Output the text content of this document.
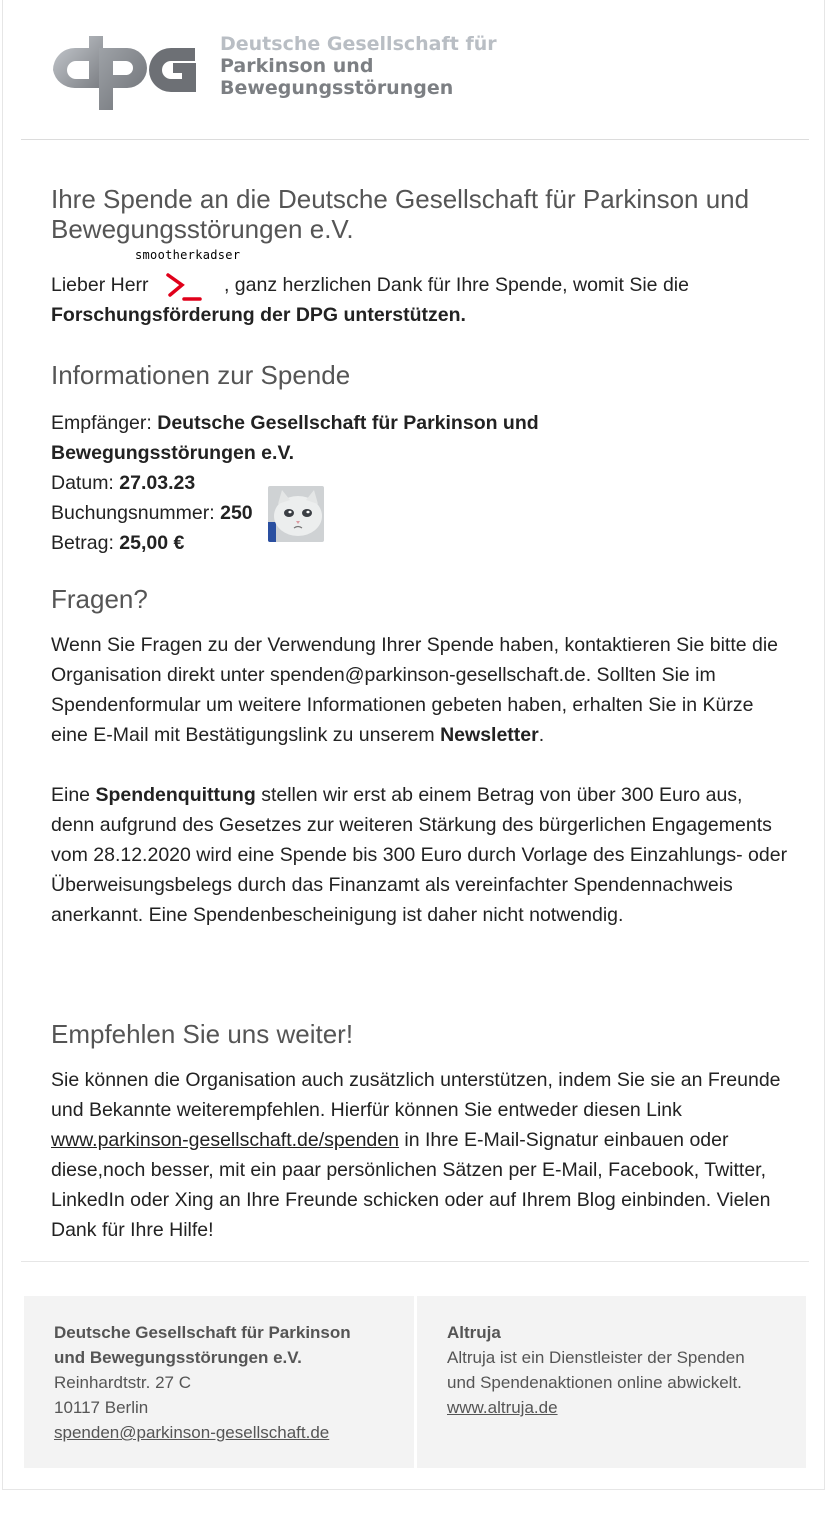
Deutsche Gesellschaft für
Parkinson und
Bewegungsstörungen
Ihre Spende an die Deutsche Gesellschaft für Parkinson und Bewegungsstörungen e.V.
smootherkadser
Lieber Herr	, ganz herzlichen Dank für Ihre Spende, womit Sie die
Forschungsförderung der DPG unterstützen.
Informationen zur Spende
Empfänger: Deutsche Gesellschaft für Parkinson und Bewegungsstörungen e.V.
Datum: 27.03.23
Buchungsnummer: 250
Betrag: 25,00 €
Fragen?

Wenn Sie Fragen zu der Verwendung Ihrer Spende haben, kontaktieren Sie bitte die Organisation direkt unter spenden@parkinson-gesellschaft.de. Sollten Sie im Spendenformular um weitere Informationen gebeten haben, erhalten Sie in Kürze eine E-Mail mit Bestätigungslink zu unserem Newsletter.

Eine Spendenquittung stellen wir erst ab einem Betrag von über 300 Euro aus, denn aufgrund des Gesetzes zur weiteren Stärkung des bürgerlichen Engagements vom 28.12.2020 wird eine Spende bis 300 Euro durch Vorlage des Einzahlungs- oder Überweisungsbelegs durch das Finanzamt als vereinfachter Spendennachweis anerkannt. Eine Spendenbescheinigung ist daher nicht notwendig.

Empfehlen Sie uns weiter!

Sie können die Organisation auch zusätzlich unterstützen, indem Sie sie an Freunde und Bekannte weiterempfehlen. Hierfür können Sie entweder diesen Link www.parkinson-gesellschaft.de/spenden in Ihre E-Mail-Signatur einbauen oder diese,noch besser, mit ein paar persönlichen Sätzen per E-Mail, Facebook, Twitter, LinkedIn oder Xing an Ihre Freunde schicken oder auf Ihrem Blog einbinden. Vielen Dank für Ihre Hilfe!

Deutsche Gesellschaft für Parkinson und Bewegungsstörungen e.V.
Reinhardtstr. 27 C
10117 Berlin
spenden@parkinson-gesellschaft.de
Altruja
Altruja ist ein Dienstleister der Spenden und Spendenaktionen online abwickelt.
www.altruja.de
